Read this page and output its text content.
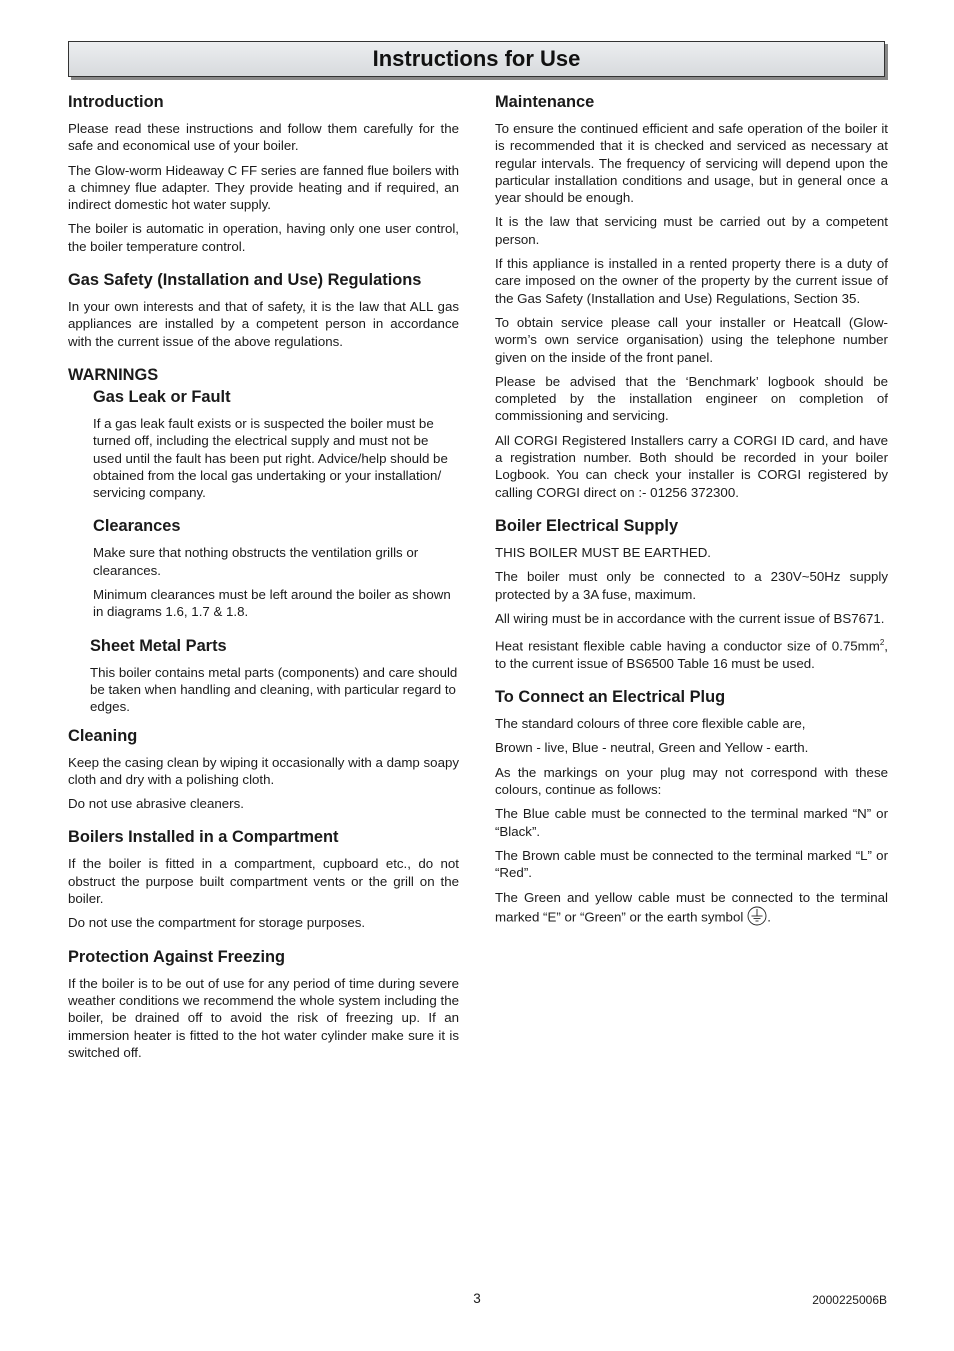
Instructions for Use
Introduction

Please read these instructions and follow them carefully for the safe and economical use of your boiler.

The Glow-worm Hideaway C FF series are fanned flue boilers with a chimney flue adapter. They provide heating and if required, an indirect domestic hot water supply.

The boiler is automatic in operation, having only one user control, the boiler temperature control.

Gas Safety (Installation and Use) Regulations

In your own interests and that of safety, it is the law that ALL gas appliances are installed by a competent person in accordance with the current issue of the above regulations.

WARNINGS
Gas Leak or Fault

If a gas leak fault exists or is suspected the boiler must be turned off, including the electrical supply and must not be used until the fault has been put right. Advice/help should be obtained from the local gas undertaking or your installation/ servicing company.

Clearances

Make sure that nothing obstructs the ventilation grills or clearances.

Minimum clearances must be left around the boiler as shown in diagrams 1.6, 1.7 & 1.8.

Sheet Metal Parts

This boiler contains metal parts (components) and care should be taken when handling and cleaning, with particular regard to edges.

Cleaning

Keep the casing clean by wiping it occasionally with a damp soapy cloth and dry with a polishing cloth.

Do not use abrasive cleaners.

Boilers Installed in a Compartment

If the boiler is fitted in a compartment, cupboard etc., do not obstruct the purpose built compartment vents or the grill on the boiler.

Do not use the compartment for storage purposes.

Protection Against Freezing

If the boiler is to be out of use for any period of time during severe weather conditions we recommend the whole system including the boiler, be drained off to avoid the risk of freezing up. If an immersion heater is fitted to the hot water cylinder make sure it is switched off.

Maintenance

To ensure the continued efficient and safe operation of the boiler it is recommended that it is checked and serviced as necessary at regular intervals. The frequency of servicing will depend upon the particular installation conditions and usage, but in general once a year should be enough.

It is the law that servicing must be carried out by a competent person.

If this appliance is installed in a rented property there is a duty of care imposed on the owner of the property by the current issue of the Gas Safety (Installation and Use) Regulations, Section 35.

To obtain service please call your installer or Heatcall (Glow-worm’s own service organisation) using the telephone number given on the inside of the front panel.

Please be advised that the ‘Benchmark’ logbook should be completed by the installation engineer on completion of commissioning and servicing.

All CORGI Registered Installers carry a CORGI ID card, and have a registration number. Both should be recorded in your boiler Logbook. You can check your installer is CORGI registered by calling CORGI direct on :- 01256 372300.

Boiler Electrical Supply

THIS BOILER MUST BE EARTHED.

The boiler must only be connected to a 230V~50Hz supply protected by a 3A fuse, maximum.

All wiring must be in accordance with the current issue of BS7671.

Heat resistant flexible cable having a conductor size of $0.75mm^2$, to the current issue of BS6500 Table 16 must be used.

To Connect an Electrical Plug

The standard colours of three core flexible cable are,

Brown - live, Blue - neutral, Green and Yellow - earth.

As the markings on your plug may not correspond with these colours, continue as follows:

The Blue cable must be connected to the terminal marked “N” or “Black”.

The Brown cable must be connected to the terminal marked “L” or “Red”.

The Green and yellow cable must be connected to the terminal marked “E” or “Green” or the earth symbol .

3	2000225006B
